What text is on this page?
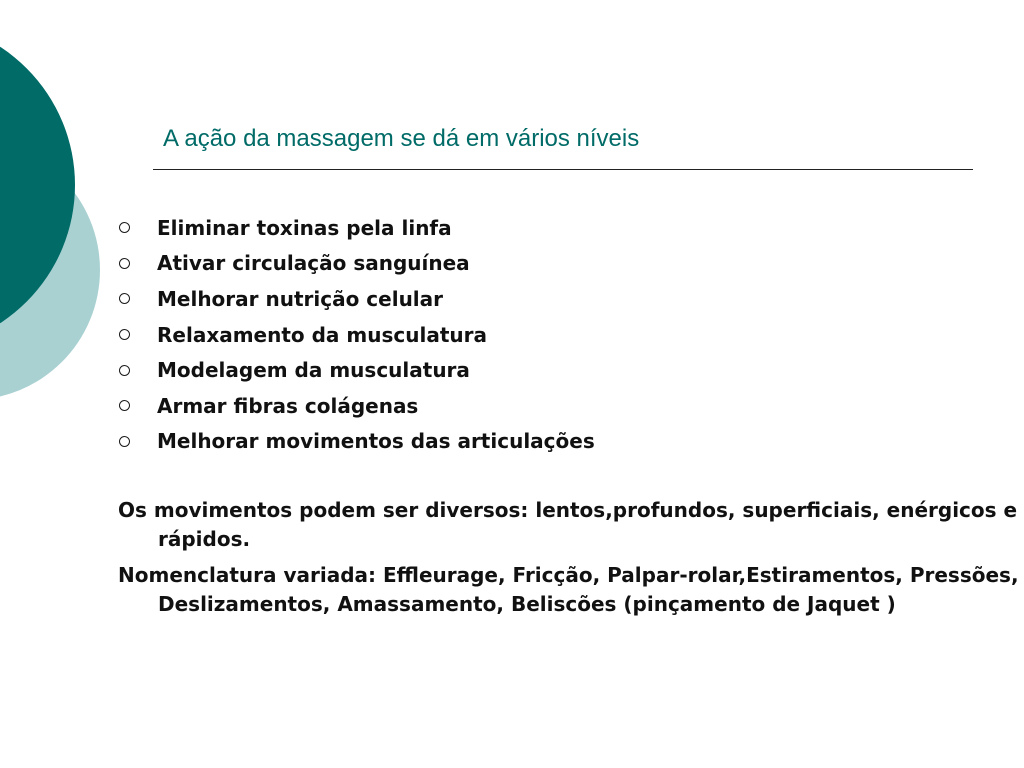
A ação da massagem se dá em vários níveis
Eliminar toxinas pela linfa
Ativar circulação sanguínea
Melhorar nutrição celular
Relaxamento da musculatura
Modelagem da musculatura
Armar fibras colágenas
Melhorar movimentos das articulações

Os movimentos podem ser diversos: lentos,profundos, superficiais, enérgicos e rápidos.

Nomenclatura variada: Effleurage, Fricção, Palpar-rolar,Estiramentos, Pressões, Deslizamentos, Amassamento, Beliscões (pinçamento de Jaquet )
